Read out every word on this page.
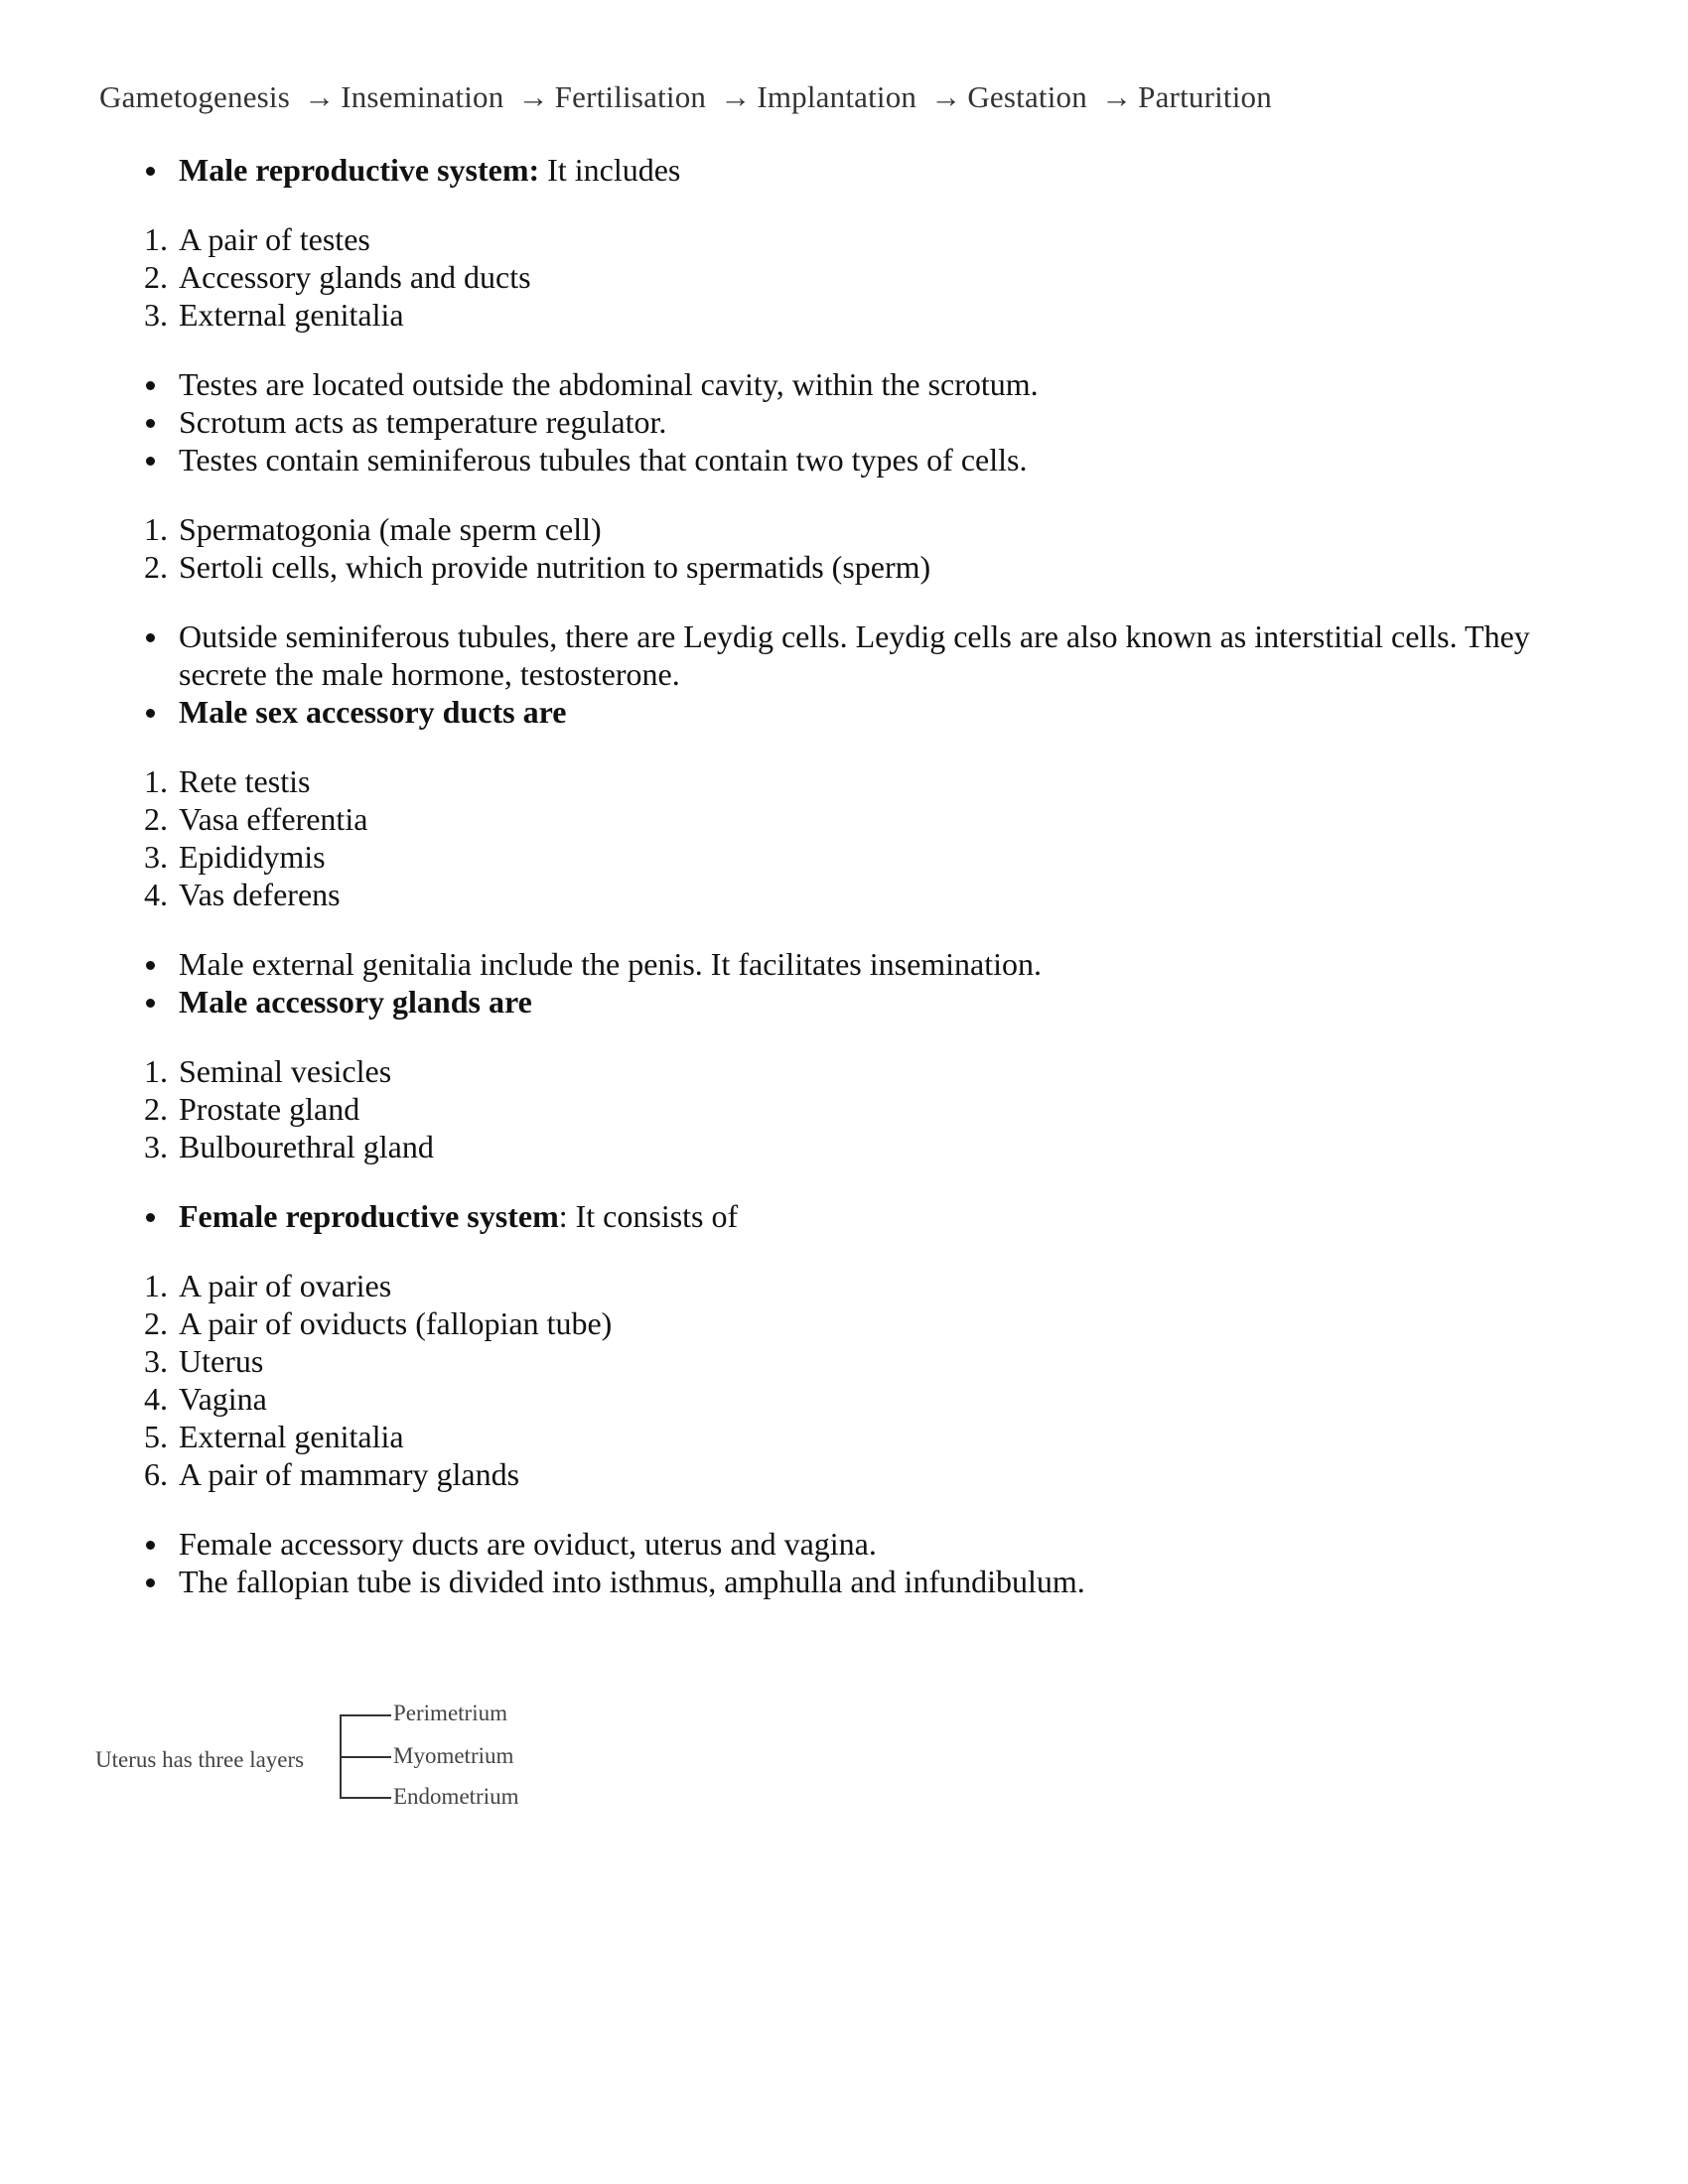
Gametogenesis → Insemination → Fertilisation → Implantation → Gestation → Parturition
Male reproductive system: It includes
1. A pair of testes
2. Accessory glands and ducts
3. External genitalia
Testes are located outside the abdominal cavity, within the scrotum.
Scrotum acts as temperature regulator.
Testes contain seminiferous tubules that contain two types of cells.
1. Spermatogonia (male sperm cell)
2. Sertoli cells, which provide nutrition to spermatids (sperm)
Outside seminiferous tubules, there are Leydig cells. Leydig cells are also known as interstitial cells. They secrete the male hormone, testosterone.
Male sex accessory ducts are
1. Rete testis
2. Vasa efferentia
3. Epididymis
4. Vas deferens
Male external genitalia include the penis. It facilitates insemination.
Male accessory glands are
1. Seminal vesicles
2. Prostate gland
3. Bulbourethral gland
Female reproductive system: It consists of
1. A pair of ovaries
2. A pair of oviducts (fallopian tube)
3. Uterus
4. Vagina
5. External genitalia
6. A pair of mammary glands
Female accessory ducts are oviduct, uterus and vagina.
The fallopian tube is divided into isthmus, amphulla and infundibulum.
Uterus has three layers
Perimetrium
Myometrium
Endometrium
